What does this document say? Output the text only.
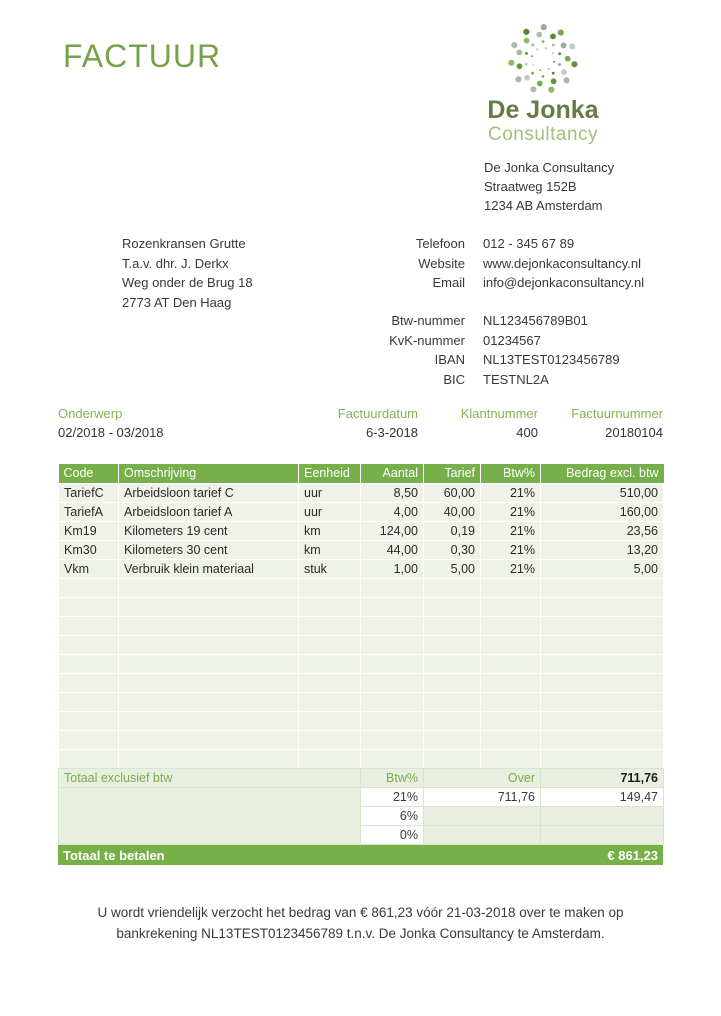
FACTUUR
De Jonka
Consultancy
De Jonka Consultancy
Straatweg 152B
1234 AB Amsterdam
Rozenkransen Grutte
T.a.v. dhr. J. Derkx
Weg onder de Brug 18
2773 AT Den Haag
Telefoon 012 - 345 67 89
Website www.dejonkaconsultancy.nl
Email info@dejonkaconsultancy.nl
Btw-nummer NL123456789B01
KvK-nummer 01234567
IBAN NL13TEST0123456789
BIC TESTNL2A
Onderwerp
02/2018 - 03/2018
Factuurdatum
6-3-2018
Klantnummer
400
Factuurnummer
20180104
Code	Omschrijving	Eenheid	Aantal	Tarief	Btw%	Bedrag excl. btw
TariefC	Arbeidsloon tarief C	uur	8,50	60,00	21%	510,00
TariefA	Arbeidsloon tarief A	uur	4,00	40,00	21%	160,00
Km19	Kilometers 19 cent	km	124,00	0,19	21%	23,56
Km30	Kilometers 30 cent	km	44,00	0,30	21%	13,20
Vkm	Verbruik klein materiaal	stuk	1,00	5,00	21%	5,00

Totaal exclusief btw	Btw%	Over	711,76
	21%	711,76	149,47
	6%		
	0%		
Totaal te betalen	€ 861,23
U wordt vriendelijk verzocht het bedrag van € 861,23 vóór 21-03-2018 over te maken op
bankrekening NL13TEST0123456789 t.n.v. De Jonka Consultancy te Amsterdam.
